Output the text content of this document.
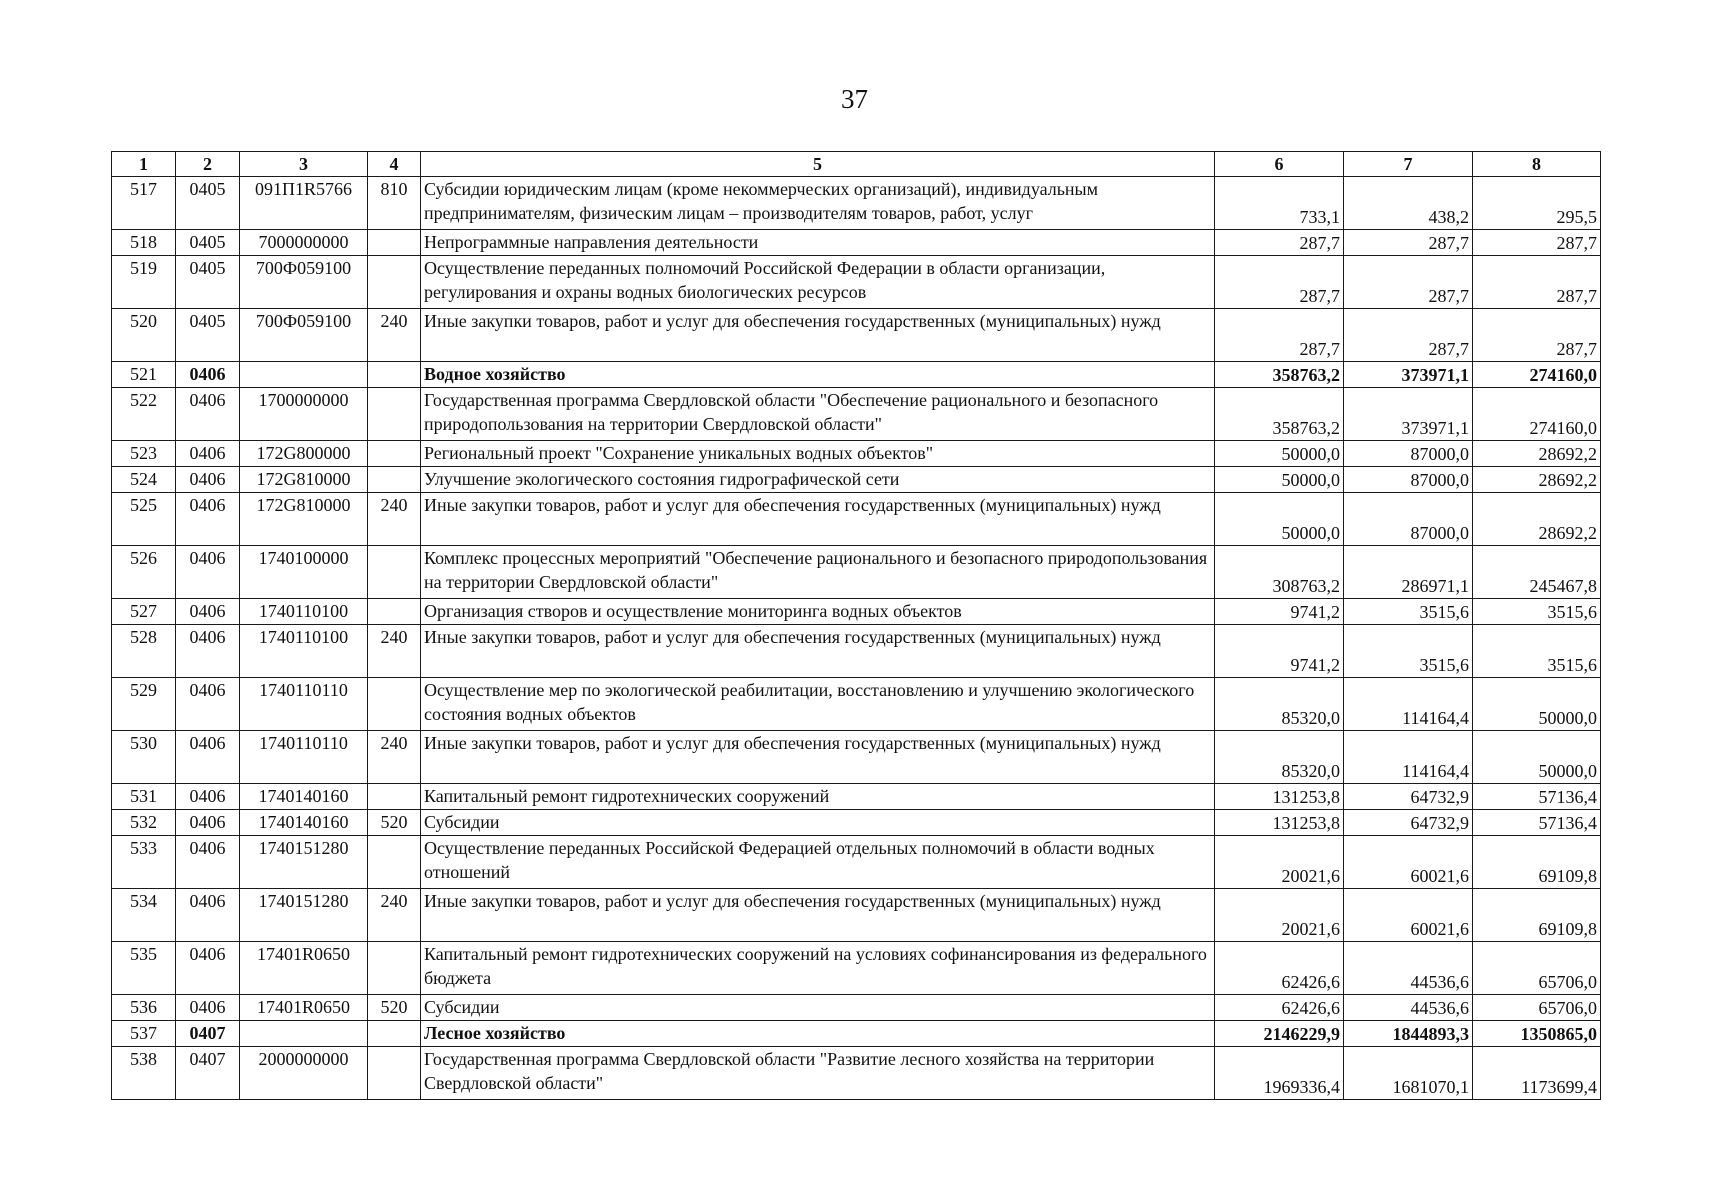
37
1	2	3	4	5	6	7	8
517	0405	091П1R5766	810	Субсидии юридическим лицам (кроме некоммерческих организаций), индивидуальным предпринимателям, физическим лицам – производителям товаров, работ, услуг	733,1	438,2	295,5
518	0405	7000000000		Непрограммные направления деятельности	287,7	287,7	287,7
519	0405	700Ф059100		Осуществление переданных полномочий Российской Федерации в области организации, регулирования и охраны водных биологических ресурсов	287,7	287,7	287,7
520	0405	700Ф059100	240	Иные закупки товаров, работ и услуг для обеспечения государственных (муниципальных) нужд	287,7	287,7	287,7
521	0406			Водное хозяйство	358763,2	373971,1	274160,0
522	0406	1700000000		Государственная программа Свердловской области "Обеспечение рационального и безопасного природопользования на территории Свердловской области"	358763,2	373971,1	274160,0
523	0406	172G800000		Региональный проект "Сохранение уникальных водных объектов"	50000,0	87000,0	28692,2
524	0406	172G810000		Улучшение экологического состояния гидрографической сети	50000,0	87000,0	28692,2
525	0406	172G810000	240	Иные закупки товаров, работ и услуг для обеспечения государственных (муниципальных) нужд	50000,0	87000,0	28692,2
526	0406	1740100000		Комплекс процессных мероприятий "Обеспечение рационального и безопасного природопользования на территории Свердловской области"	308763,2	286971,1	245467,8
527	0406	1740110100		Организация створов и осуществление мониторинга водных объектов	9741,2	3515,6	3515,6
528	0406	1740110100	240	Иные закупки товаров, работ и услуг для обеспечения государственных (муниципальных) нужд	9741,2	3515,6	3515,6
529	0406	1740110110		Осуществление мер по экологической реабилитации, восстановлению и улучшению экологического состояния водных объектов	85320,0	114164,4	50000,0
530	0406	1740110110	240	Иные закупки товаров, работ и услуг для обеспечения государственных (муниципальных) нужд	85320,0	114164,4	50000,0
531	0406	1740140160		Капитальный ремонт гидротехнических сооружений	131253,8	64732,9	57136,4
532	0406	1740140160	520	Субсидии	131253,8	64732,9	57136,4
533	0406	1740151280		Осуществление переданных Российской Федерацией отдельных полномочий в области водных отношений	20021,6	60021,6	69109,8
534	0406	1740151280	240	Иные закупки товаров, работ и услуг для обеспечения государственных (муниципальных) нужд	20021,6	60021,6	69109,8
535	0406	17401R0650		Капитальный ремонт гидротехнических сооружений на условиях софинансирования из федерального бюджета	62426,6	44536,6	65706,0
536	0406	17401R0650	520	Субсидии	62426,6	44536,6	65706,0
537	0407			Лесное хозяйство	2146229,9	1844893,3	1350865,0
538	0407	2000000000		Государственная программа Свердловской области "Развитие лесного хозяйства на территории Свердловской области"	1969336,4	1681070,1	1173699,4
